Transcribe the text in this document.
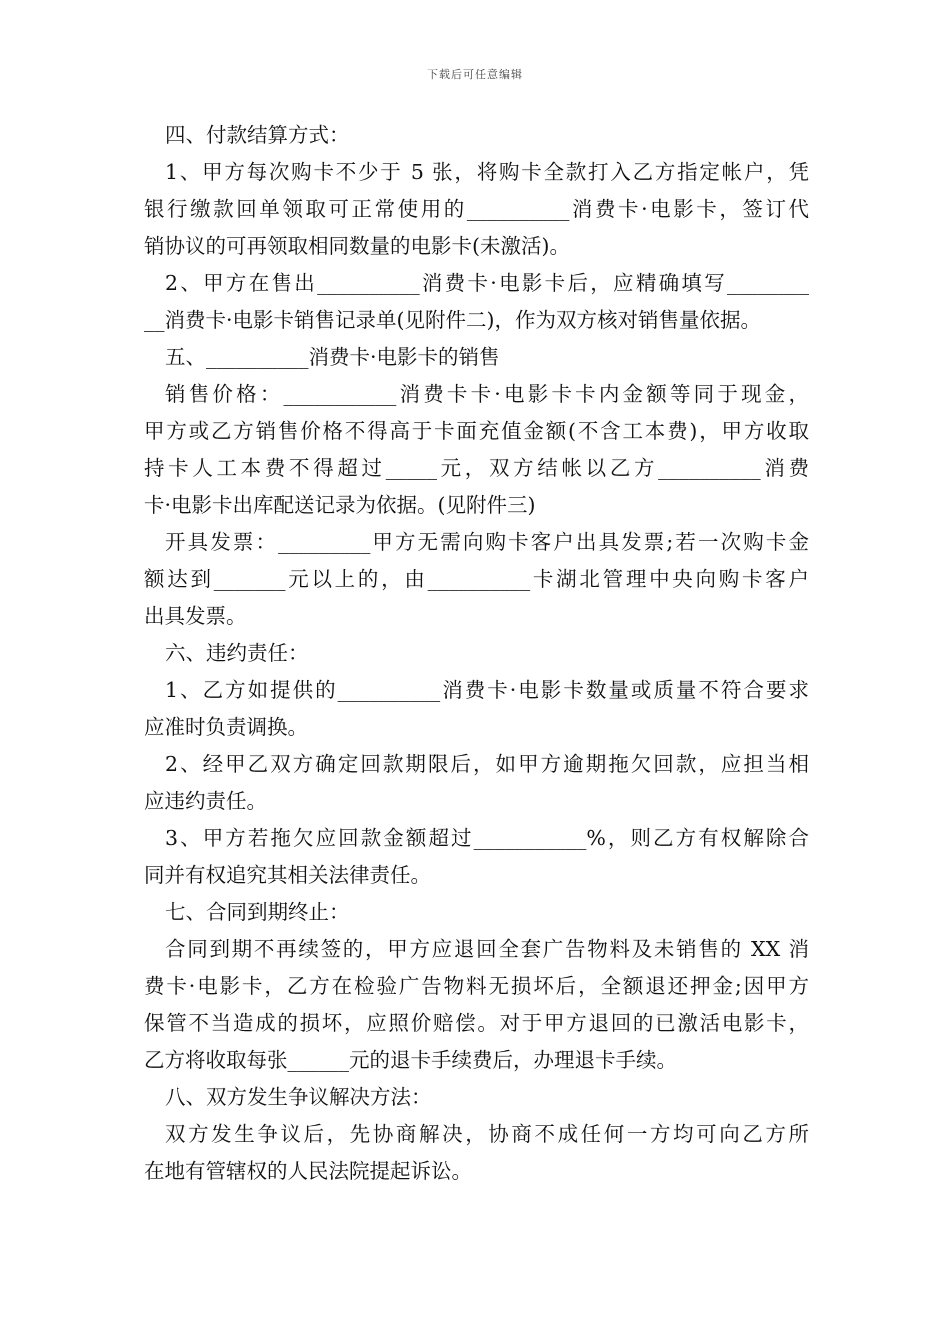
下载后可任意编辑

四、付款结算方式：

1、甲方每次购卡不少于 5 张，将购卡全款打入乙方指定帐户，凭
银行缴款回单领取可正常使用的__________消费卡·电影卡，签订代
销协议的可再领取相同数量的电影卡(未激活)。

2、甲方在售出__________消费卡·电影卡后，应精确填写________
__消费卡·电影卡销售记录单(见附件二)，作为双方核对销售量依据。

五、__________消费卡·电影卡的销售

销售价格：___________消费卡卡·电影卡卡内金额等同于现金，
甲方或乙方销售价格不得高于卡面充值金额(不含工本费)，甲方收取
持卡人工本费不得超过_____元，双方结帐以乙方__________消费
卡·电影卡出库配送记录为依据。(见附件三)

开具发票：_________甲方无需向购卡客户出具发票;若一次购卡金
额达到_______元以上的，由__________卡湖北管理中央向购卡客户
出具发票。

六、违约责任：

1、乙方如提供的__________消费卡·电影卡数量或质量不符合要求
应准时负责调换。

2、经甲乙双方确定回款期限后，如甲方逾期拖欠回款，应担当相
应违约责任。

3、甲方若拖欠应回款金额超过___________%，则乙方有权解除合
同并有权追究其相关法律责任。

七、合同到期终止：

合同到期不再续签的，甲方应退回全套广告物料及未销售的 XX 消
费卡·电影卡，乙方在检验广告物料无损坏后，全额退还押金;因甲方
保管不当造成的损坏，应照价赔偿。对于甲方退回的已激活电影卡，
乙方将收取每张______元的退卡手续费后，办理退卡手续。

八、双方发生争议解决方法：

双方发生争议后，先协商解决，协商不成任何一方均可向乙方所
在地有管辖权的人民法院提起诉讼。
